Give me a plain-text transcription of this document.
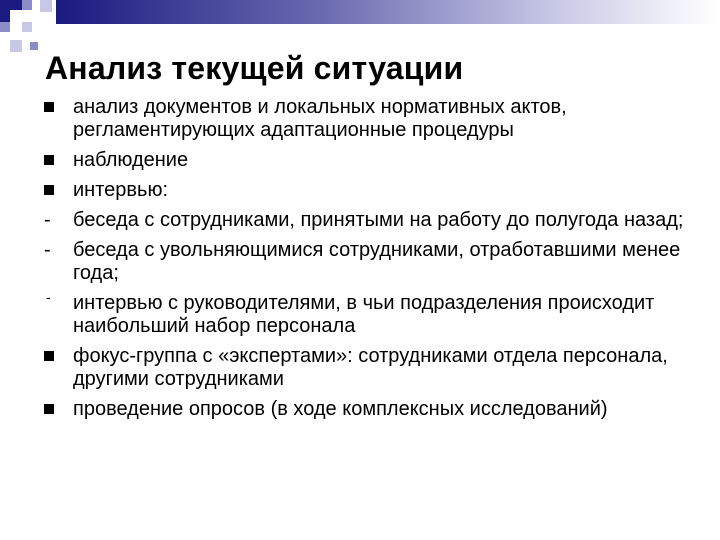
Анализ текущей ситуации
анализ документов и локальных нормативных актов, регламентирующих адаптационные процедуры
наблюдение
интервью:
- беседа с сотрудниками, принятыми на работу до полугода назад;
- беседа с увольняющимися сотрудниками, отработавшими менее года;
- интервью с руководителями, в чьи подразделения происходит наибольший набор персонала
фокус-группа с «экспертами»: сотрудниками отдела персонала, другими сотрудниками
проведение опросов (в ходе комплексных исследований)
